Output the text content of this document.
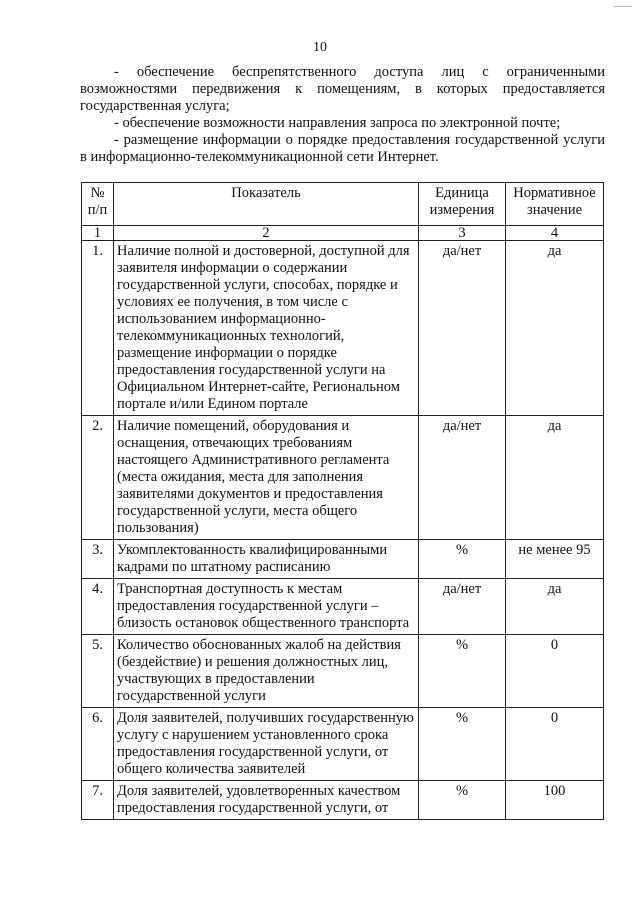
10

- обеспечение беспрепятственного доступа лиц с ограниченными возможностями передвижения к помещениям, в которых предоставляется государственная услуга;

- обеспечение возможности направления запроса по электронной почте;

- размещение информации о порядке предоставления государственной услуги в информационно-телекоммуникационной сети Интернет.

№ п/п	Показатель	Единица измерения	Нормативное значение
1	2	3	4
1.	Наличие полной и достоверной, доступной для заявителя информации о содержании государственной услуги, способах, порядке и условиях ее получения, в том числе с использованием информационно-телекоммуникационных технологий, размещение информации о порядке предоставления государственной услуги на Официальном Интернет-сайте, Региональном портале и/или Едином портале	да/нет	да
2.	Наличие помещений, оборудования и оснащения, отвечающих требованиям настоящего Административного регламента (места ожидания, места для заполнения заявителями документов и предоставления государственной услуги, места общего пользования)	да/нет	да
3.	Укомплектованность квалифицированными кадрами по штатному расписанию	%	не менее 95
4.	Транспортная доступность к местам предоставления государственной услуги – близость остановок общественного транспорта	да/нет	да
5.	Количество обоснованных жалоб на действия (бездействие) и решения должностных лиц, участвующих в предоставлении государственной услуги	%	0
6.	Доля заявителей, получивших государственную услугу с нарушением установленного срока предоставления государственной услуги, от общего количества заявителей	%	0
7.	Доля заявителей, удовлетворенных качеством предоставления государственной услуги, от	%	100
